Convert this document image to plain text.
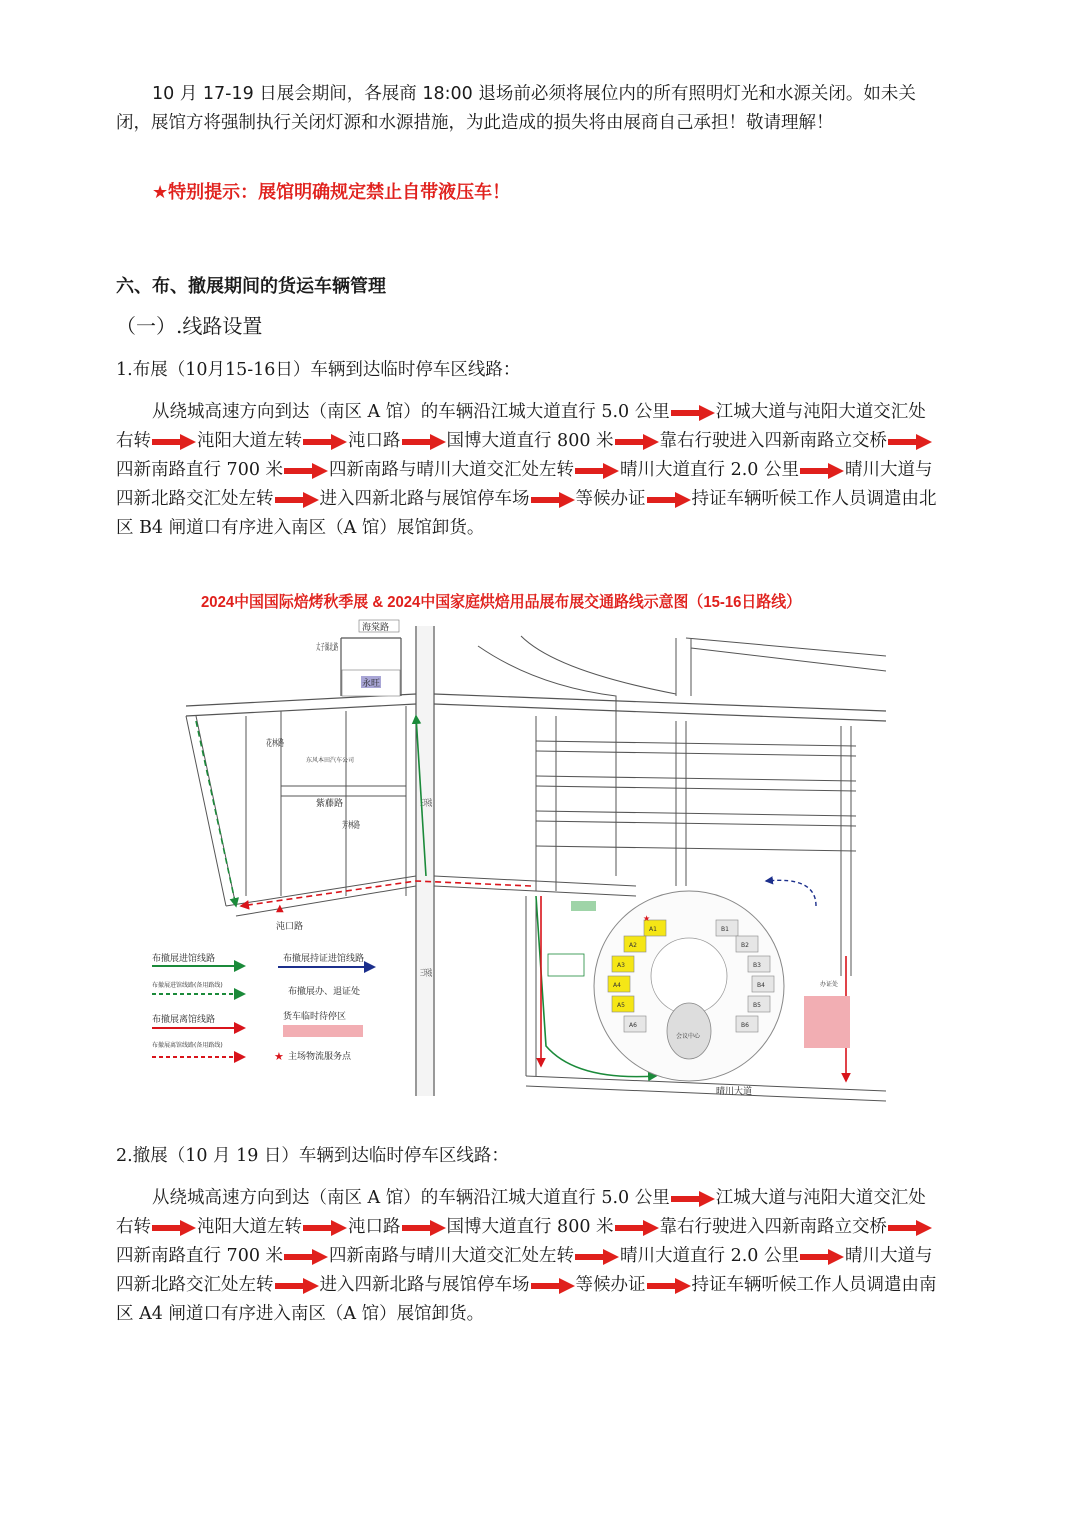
10 月 17-19 日展会期间，各展商 18:00 退场前必须将展位内的所有照明灯光和水源关闭。如未关闭，展馆方将强制执行关闭灯源和水源措施，为此造成的损失将由展商自己承担！敬请理解！
★特别提示：展馆明确规定禁止自带液压车！
六、布、撤展期间的货运车辆管理
（一）.线路设置
1.布展（10月15-16日）车辆到达临时停车区线路：
从绕城高速方向到达（南区 A 馆）的车辆沿江城大道直行 5.0 公里	江城大道与沌阳大道交汇处右转	沌阳大道左转	沌口路	国博大道直行 800 米	靠右行驶进入四新南路立交桥
四新南路直行 700 米	四新南路与晴川大道交汇处左转	晴川大道直行 2.0 公里	晴川大道与四新北路交汇处左转	进入四新北路与展馆停车场	等候办证	持证车辆听候工作人员调遣由北区 B4 闸道口有序进入南区（A 馆）展馆卸货。
2024中国国际焙烤秋季展 & 2024中国家庭烘焙用品展布展交通路线示意图（15-16日路线）
海棠路
太子湖北路
永旺
花林路
紫藤路
芳林路
三环线
三环线
沌口路
东风本田汽车公司
晴川大道
会议中心
A1
A2
A3
A4
A5
A6
B1
B2
B3
B4
B5
B6
办证处
★
▲
布撤展进馆线路
布撤展进馆线路(备用路线)
布撤展离馆线路
布撤展离馆线路(备用路线)
布撤展持证进馆线路
布撤展办、退证处
货车临时待停区
★ 主场物流服务点
2.撤展（10 月 19 日）车辆到达临时停车区线路：
从绕城高速方向到达（南区 A 馆）的车辆沿江城大道直行 5.0 公里	江城大道与沌阳大道交汇处右转	沌阳大道左转	沌口路	国博大道直行 800 米	靠右行驶进入四新南路立交桥
四新南路直行 700 米	四新南路与晴川大道交汇处左转	晴川大道直行 2.0 公里	晴川大道与四新北路交汇处左转	进入四新北路与展馆停车场	等候办证	持证车辆听候工作人员调遣由南区 A4 闸道口有序进入南区（A 馆）展馆卸货。
